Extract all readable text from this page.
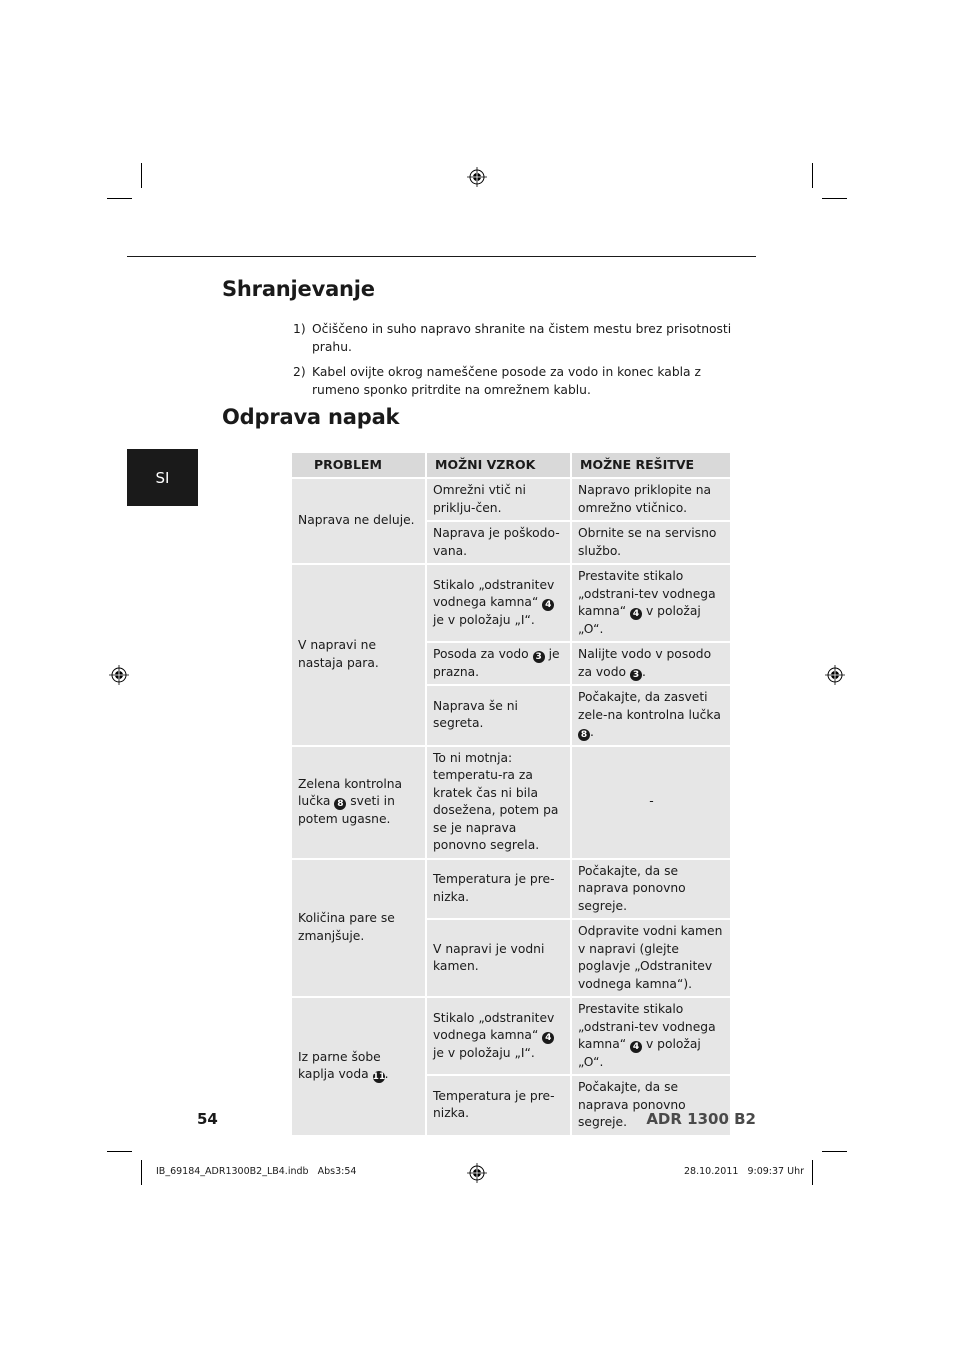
Shranjevanje
1) Očiščeno in suho napravo shranite na čistem mestu brez prisotnosti prahu.
2) Kabel ovijte okrog nameščene posode za vodo in konec kabla z rumeno sponko pritrdite na omrežnem kablu.
Odprava napak
SI
PROBLEM	MOŽNI VZROK	MOŽNE REŠITVE
Naprava ne deluje.	Omrežni vtič ni priklju-čen.	Napravo priklopite na omrežno vtičnico.
	Naprava je poškodo-vana.	Obrnite se na servisno službo.
V napravi ne nastaja para.	Stikalo „odstranitev vodnega kamna“ 4 je v položaju „I“.	Prestavite stikalo „odstrani-tev vodnega kamna“ 4 v položaj „O“.
	Posoda za vodo 3 je prazna.	Nalijte vodo v posodo za vodo 3 .
	Naprava še ni segreta.	Počakajte, da zasveti zele-na kontrolna lučka 8 .
Zelena kontrolna lučka 8 sveti in potem ugasne.	To ni motnja: temperatu-ra za kratek čas ni bila dosežena, potem pa se je naprava ponovno segrela.	-
Količina pare se zmanjšuje.	Temperatura je pre-nizka.	Počakajte, da se naprava ponovno segreje.
	V napravi je vodni kamen.	Odpravite vodni kamen v napravi (glejte poglavje „Odstranitev vodnega kamna“).
Iz parne šobe kaplja voda 11.	Stikalo „odstranitev vodnega kamna“ 4 je v položaju „I“.	Prestavite stikalo „odstrani-tev vodnega kamna“ 4 v položaj „O“.
	Temperatura je pre-nizka.	Počakajte, da se naprava ponovno segreje.
54	ADR 1300 B2
IB_69184_ADR1300B2_LB4.indb   Abs3:54	28.10.2011   9:09:37 Uhr
